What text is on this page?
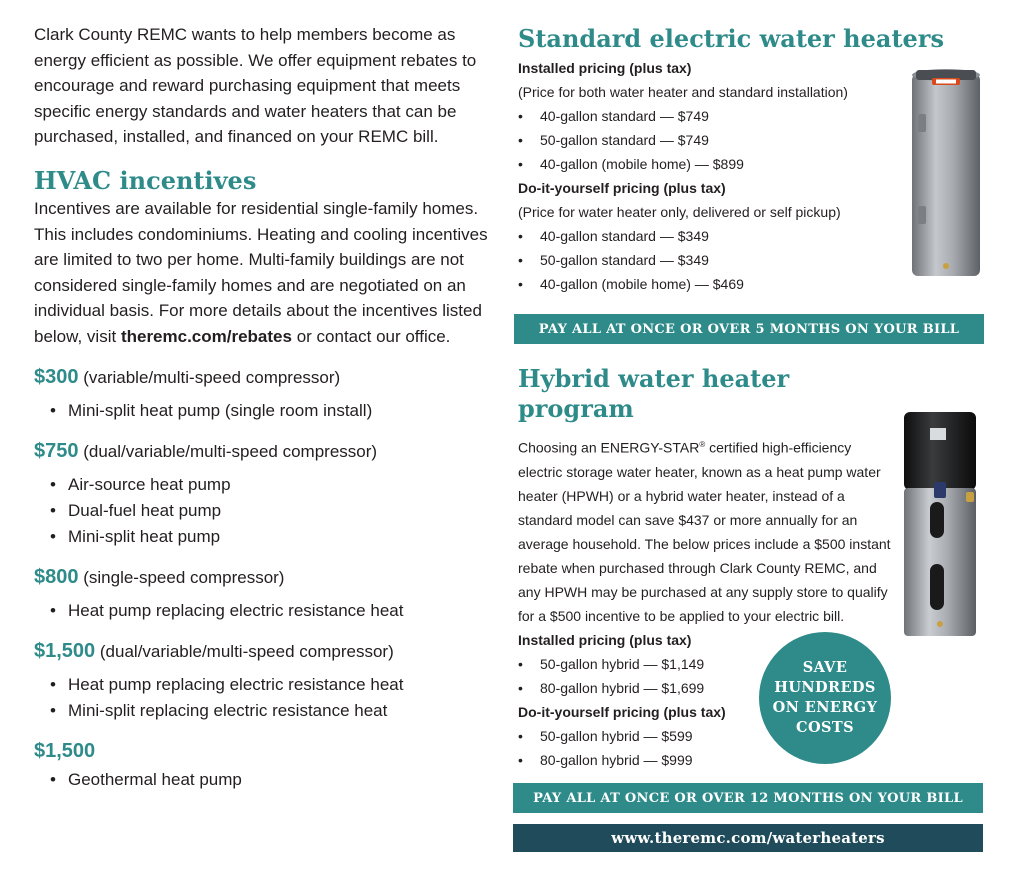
Clark County REMC wants to help members become as energy efficient as possible. We offer equipment rebates to encourage and reward purchasing equipment that meets specific energy standards and water heaters that can be purchased, installed, and financed on your REMC bill.

HVAC incentives

Incentives are available for residential single-family homes. This includes condominiums. Heating and cooling incentives are limited to two per home. Multi-family buildings are not considered single-family homes and are negotiated on an individual basis. For more details about the incentives listed below, visit theremc.com/rebates or contact our office.

$300 (variable/multi-speed compressor)
• Mini-split heat pump (single room install)
$750 (dual/variable/multi-speed compressor)
• Air-source heat pump
• Dual-fuel heat pump
• Mini-split heat pump
$800 (single-speed compressor)
• Heat pump replacing electric resistance heat
$1,500 (dual/variable/multi-speed compressor)
• Heat pump replacing electric resistance heat
• Mini-split replacing electric resistance heat
$1,500
• Geothermal heat pump
Standard electric water heaters
Installed pricing (plus tax)
(Price for both water heater and standard installation)
• 40-gallon standard — $749
• 50-gallon standard — $749
• 40-gallon (mobile home) — $899
Do-it-yourself pricing (plus tax)
(Price for water heater only, delivered or self pickup)
• 40-gallon standard — $349
• 50-gallon standard — $349
• 40-gallon (mobile home) — $469
PAY ALL AT ONCE OR OVER 5 MONTHS ON YOUR BILL
Hybrid water heater program

Choosing an ENERGY-STAR® certified high-efficiency electric storage water heater, known as a heat pump water heater (HPWH) or a hybrid water heater, instead of a standard model can save $437 or more annually for an average household. The below prices include a $500 instant rebate when purchased through Clark County REMC, and any HPWH may be purchased at any supply store to qualify for a $500 incentive to be applied to your electric bill.

Installed pricing (plus tax)
• 50-gallon hybrid — $1,149
• 80-gallon hybrid — $1,699
Do-it-yourself pricing (plus tax)
• 50-gallon hybrid — $599
• 80-gallon hybrid — $999
SAVE HUNDREDS ON ENERGY COSTS
PAY ALL AT ONCE OR OVER 12 MONTHS ON YOUR BILL
www.theremc.com/waterheaters
